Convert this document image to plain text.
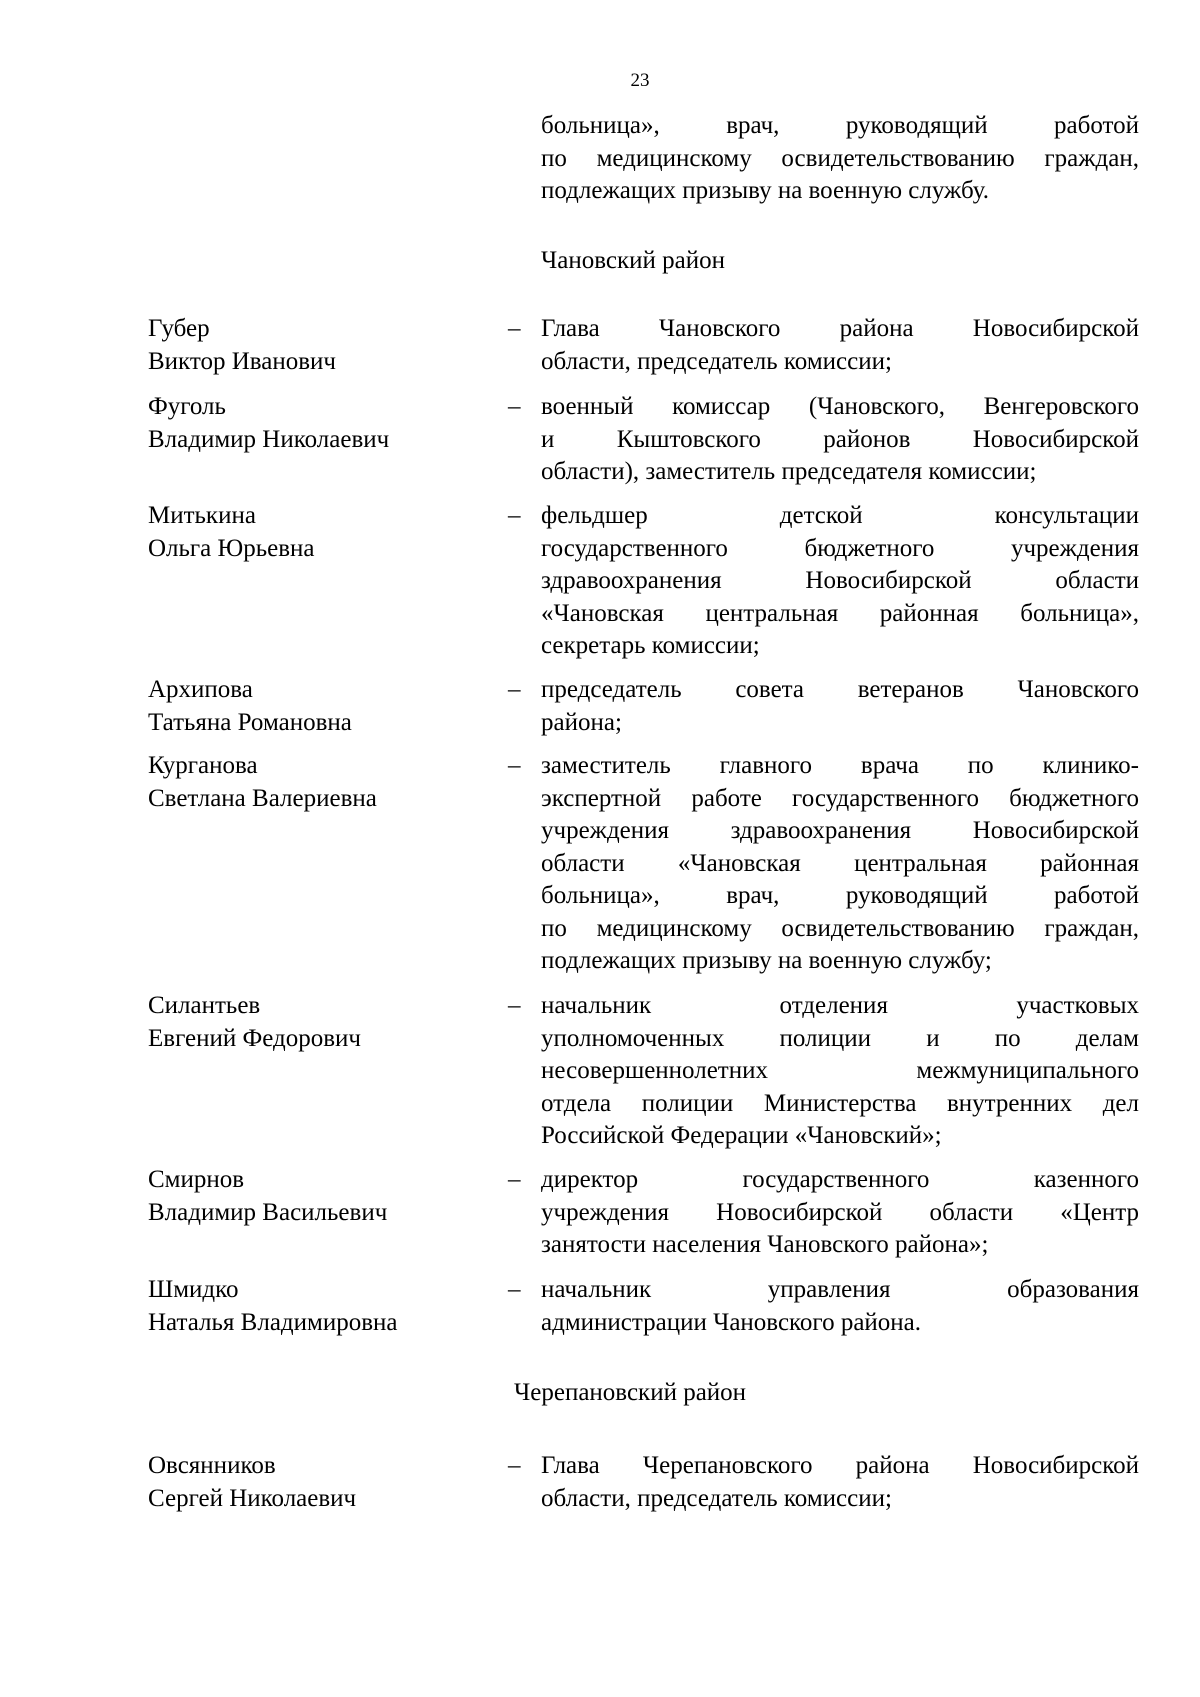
23
больница», врач, руководящий работой
по медицинскому освидетельствованию граждан,
подлежащих призыву на военную службу.
Чановский район
Губер
Виктор Иванович
– Глава Чановского района Новосибирской
области, председатель комиссии;
Фуголь
Владимир Николаевич
– военный комиссар (Чановского, Венгеровского
и Кыштовского районов Новосибирской
области), заместитель председателя комиссии;
Митькина
Ольга Юрьевна
– фельдшер детской консультации
государственного бюджетного учреждения
здравоохранения Новосибирской области
«Чановская центральная районная больница»,
секретарь комиссии;
Архипова
Татьяна Романовна
– председатель совета ветеранов Чановского
района;
Курганова
Светлана Валериевна
– заместитель главного врача по клинико-
экспертной работе государственного бюджетного
учреждения здравоохранения Новосибирской
области «Чановская центральная районная
больница», врач, руководящий работой
по медицинскому освидетельствованию граждан,
подлежащих призыву на военную службу;
Силантьев
Евгений Федорович
– начальник отделения участковых
уполномоченных полиции и по делам
несовершеннолетних межмуниципального
отдела полиции Министерства внутренних дел
Российской Федерации «Чановский»;
Смирнов
Владимир Васильевич
– директор государственного казенного
учреждения Новосибирской области «Центр
занятости населения Чановского района»;
Шмидко
Наталья Владимировна
– начальник управления образования
администрации Чановского района.
Черепановский район
Овсянников
Сергей Николаевич
– Глава Черепановского района Новосибирской
области, председатель комиссии;
